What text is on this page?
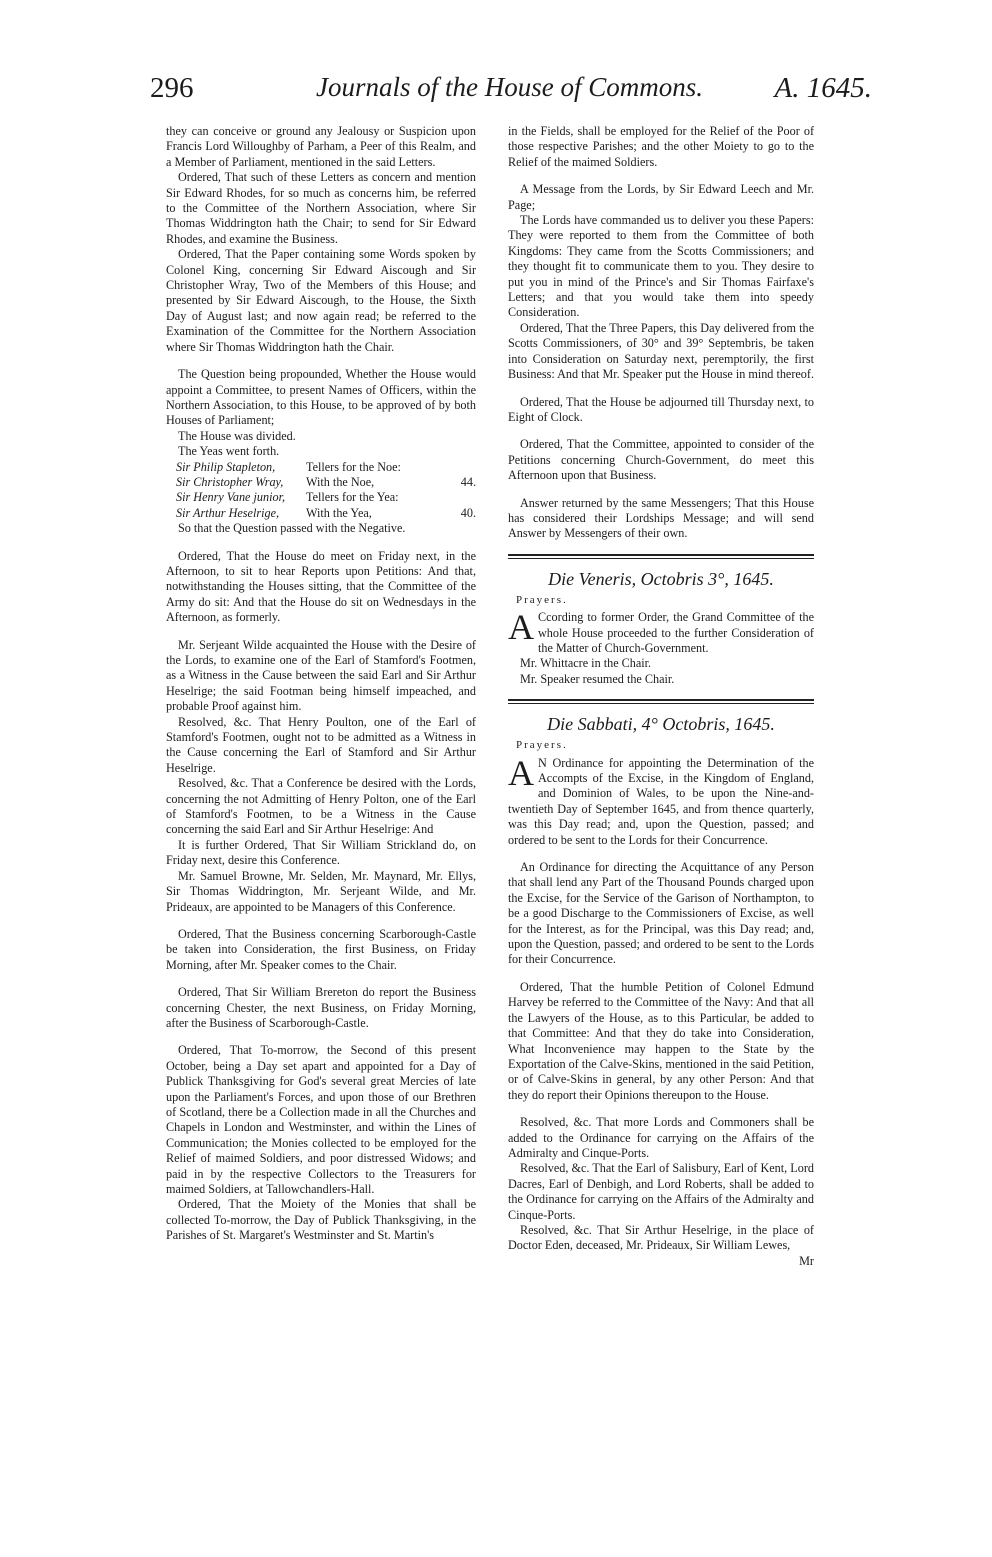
296	Journals of the House of Commons. A. 1645.

they can conceive or ground any Jealousy or Suspicion upon Francis Lord Willoughby of Parham, a Peer of this Realm, and a Member of Parliament, mentioned in the said Letters.

Ordered, That such of these Letters as concern and mention Sir Edward Rhodes, for so much as concerns him, be referred to the Committee of the Northern Association, where Sir Thomas Widdrington hath the Chair; to send for Sir Edward Rhodes, and examine the Business.

Ordered, That the Paper containing some Words spoken by Colonel King, concerning Sir Edward Aiscough and Sir Christopher Wray, Two of the Members of this House; and presented by Sir Edward Aiscough, to the House, the Sixth Day of August last; and now again read; be referred to the Examination of the Committee for the Northern Association where Sir Thomas Widdrington hath the Chair.

The Question being propounded, Whether the House would appoint a Committee, to present Names of Officers, within the Northern Association, to this House, to be approved of by both Houses of Parliament;

The House was divided.

The Yeas went forth.

Sir Philip Stapleton,	Tellers for the Noe:
Sir Christopher Wray,	With the Noe,	44.
Sir Henry Vane junior,	Tellers for the Yea:
Sir Arthur Heselrige,	With the Yea,	40.

So that the Question passed with the Negative.

Ordered, That the House do meet on Friday next, in the Afternoon, to sit to hear Reports upon Petitions: And that, notwithstanding the Houses sitting, that the Committee of the Army do sit: And that the House do sit on Wednesdays in the Afternoon, as formerly.

Mr. Serjeant Wilde acquainted the House with the Desire of the Lords, to examine one of the Earl of Stamford's Footmen, as a Witness in the Cause between the said Earl and Sir Arthur Heselrige; the said Footman being himself impeached, and probable Proof against him.

Resolved, &c. That Henry Poulton, one of the Earl of Stamford's Footmen, ought not to be admitted as a Witness in the Cause concerning the Earl of Stamford and Sir Arthur Heselrige.

Resolved, &c. That a Conference be desired with the Lords, concerning the not Admitting of Henry Polton, one of the Earl of Stamford's Footmen, to be a Witness in the Cause concerning the said Earl and Sir Arthur Heselrige: And

It is further Ordered, That Sir William Strickland do, on Friday next, desire this Conference.

Mr. Samuel Browne, Mr. Selden, Mr. Maynard, Mr. Ellys, Sir Thomas Widdrington, Mr. Serjeant Wilde, and Mr. Prideaux, are appointed to be Managers of this Conference.

Ordered, That the Business concerning Scarborough-Castle be taken into Consideration, the first Business, on Friday Morning, after Mr. Speaker comes to the Chair.

Ordered, That Sir William Brereton do report the Business concerning Chester, the next Business, on Friday Morning, after the Business of Scarborough-Castle.

Ordered, That To-morrow, the Second of this present October, being a Day set apart and appointed for a Day of Publick Thanksgiving for God's several great Mercies of late upon the Parliament's Forces, and upon those of our Brethren of Scotland, there be a Collection made in all the Churches and Chapels in London and Westminster, and within the Lines of Communication; the Monies collected to be employed for the Relief of maimed Soldiers, and poor distressed Widows; and paid in by the respective Collectors to the Treasurers for maimed Soldiers, at Tallowchandlers-Hall.

Ordered, That the Moiety of the Monies that shall be collected To-morrow, the Day of Publick Thanksgiving, in the Parishes of St. Margaret's Westminster and St. Martin's

in the Fields, shall be employed for the Relief of the Poor of those respective Parishes; and the other Moiety to go to the Relief of the maimed Soldiers.

A Message from the Lords, by Sir Edward Leech and Mr. Page;

The Lords have commanded us to deliver you these Papers: They were reported to them from the Committee of both Kingdoms: They came from the Scotts Commissioners; and they thought fit to communicate them to you. They desire to put you in mind of the Prince's and Sir Thomas Fairfaxe's Letters; and that you would take them into speedy Consideration.

Ordered, That the Three Papers, this Day delivered from the Scotts Commissioners, of 30° and 39° Septembris, be taken into Consideration on Saturday next, peremptorily, the first Business: And that Mr. Speaker put the House in mind thereof.

Ordered, That the House be adjourned till Thursday next, to Eight of Clock.

Ordered, That the Committee, appointed to consider of the Petitions concerning Church-Government, do meet this Afternoon upon that Business.

Answer returned by the same Messengers; That this House has considered their Lordships Message; and will send Answer by Messengers of their own.

Die Veneris, Octobris 3°, 1645.
Prayers.
A Ccording to former Order, the Grand Committee of the whole House proceeded to the further Consideration of the Matter of Church-Government.

Mr. Whittacre in the Chair.

Mr. Speaker resumed the Chair.

Die Sabbati, 4° Octobris, 1645.
Prayers.
A N Ordinance for appointing the Determination of the Accompts of the Excise, in the Kingdom of England, and Dominion of Wales, to be upon the Nine-and-twentieth Day of September 1645, and from thence quarterly, was this Day read; and, upon the Question, passed; and ordered to be sent to the Lords for their Concurrence.

An Ordinance for directing the Acquittance of any Person that shall lend any Part of the Thousand Pounds charged upon the Excise, for the Service of the Garison of Northampton, to be a good Discharge to the Commissioners of Excise, as well for the Interest, as for the Principal, was this Day read; and, upon the Question, passed; and ordered to be sent to the Lords for their Concurrence.

Ordered, That the humble Petition of Colonel Edmund Harvey be referred to the Committee of the Navy: And that all the Lawyers of the House, as to this Particular, be added to that Committee: And that they do take into Consideration, What Inconvenience may happen to the State by the Exportation of the Calve-Skins, mentioned in the said Petition, or of Calve-Skins in general, by any other Person: And that they do report their Opinions thereupon to the House.

Resolved, &c. That more Lords and Commoners shall be added to the Ordinance for carrying on the Affairs of the Admiralty and Cinque-Ports.

Resolved, &c. That the Earl of Salisbury, Earl of Kent, Lord Dacres, Earl of Denbigh, and Lord Roberts, shall be added to the Ordinance for carrying on the Affairs of the Admiralty and Cinque-Ports.

Resolved, &c. That Sir Arthur Heselrige, in the place of Doctor Eden, deceased, Mr. Prideaux, Sir William Lewes,

Mr
